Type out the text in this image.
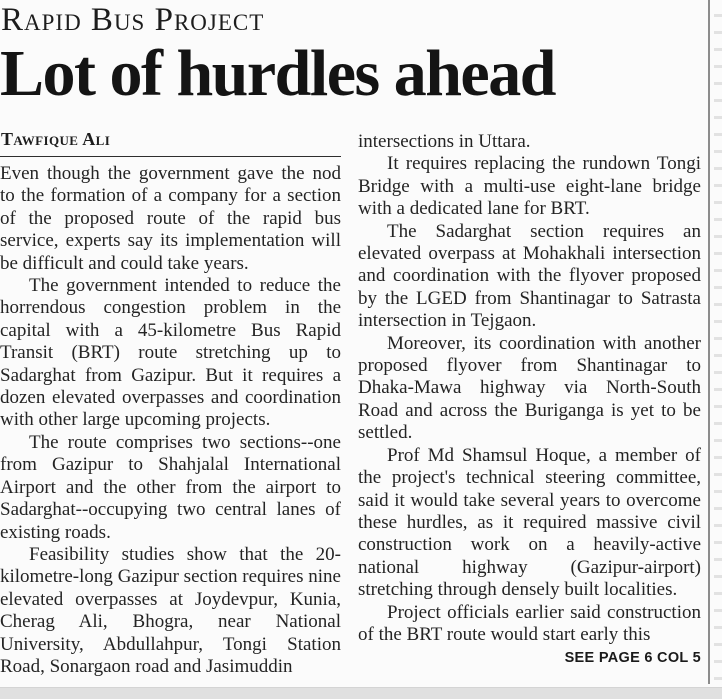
Rapid Bus Project
Lot of hurdles ahead
Tawfique Ali

Even though the government gave the nod to the formation of a company for a section of the proposed route of the rapid bus service, experts say its implementation will be difficult and could take years.

The government intended to reduce the horrendous congestion problem in the capital with a 45-kilometre Bus Rapid Transit (BRT) route stretching up to Sadarghat from Gazipur. But it requires a dozen elevated overpasses and coordination with other large upcoming projects.

The route comprises two sections--one from Gazipur to Shahjalal International Airport and the other from the airport to Sadarghat--occupying two central lanes of existing roads.

Feasibility studies show that the 20-kilometre-long Gazipur section requires nine elevated overpasses at Joydevpur, Kunia, Cherag Ali, Bhogra, near National University, Abdullahpur, Tongi Station Road, Sonargaon road and Jasimuddin

intersections in Uttara.

It requires replacing the rundown Tongi Bridge with a multi-use eight-lane bridge with a dedicated lane for BRT.

The Sadarghat section requires an elevated overpass at Mohakhali intersection and coordination with the flyover proposed by the LGED from Shantinagar to Satrasta intersection in Tejgaon.

Moreover, its coordination with another proposed flyover from Shantinagar to Dhaka-Mawa highway via North-South Road and across the Buriganga is yet to be settled.

Prof Md Shamsul Hoque, a member of the project's technical steering committee, said it would take several years to overcome these hurdles, as it required massive civil construction work on a heavily-active national highway (Gazipur-airport) stretching through densely built localities.

Project officials earlier said construction of the BRT route would start early this

SEE PAGE 6 COL 5
